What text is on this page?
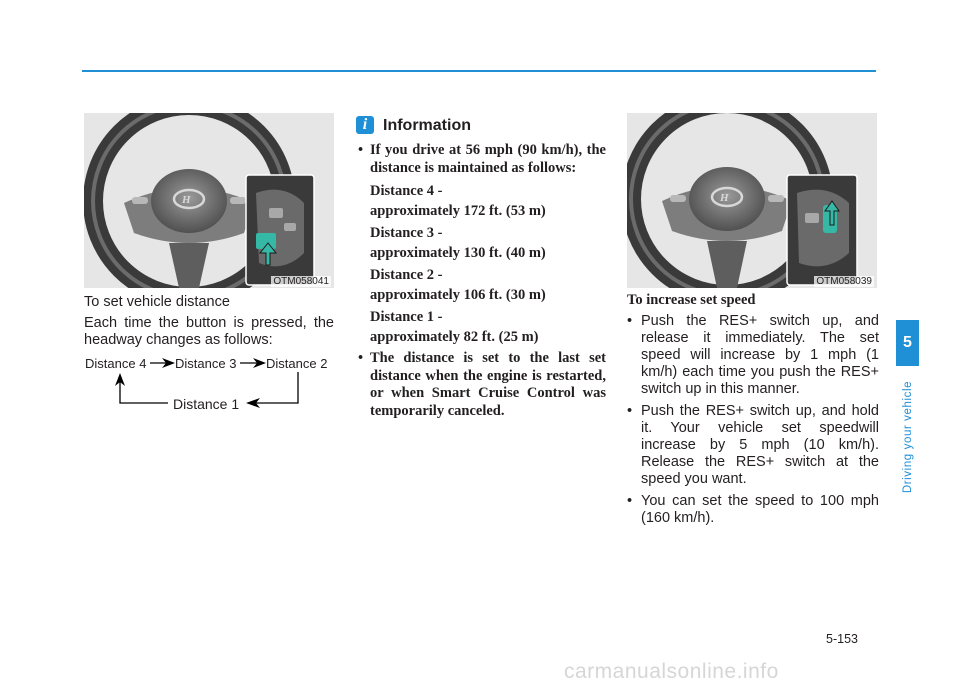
H
OTM058041

To set vehicle distance

Each time the button is pressed, the headway changes as follows:

Distance 4 Distance 3 Distance 2
Distance 1
i Information
• If you drive at 56 mph (90 km/h), the distance is maintained as follows:
Distance 4 -
approximately 172 ft. (53 m)
Distance 3 -
approximately 130 ft. (40 m)
Distance 2 -
approximately 106 ft. (30 m)
Distance 1 -
approximately 82 ft. (25 m)
• The distance is set to the last set distance when the engine is restarted, or when Smart Cruise Control was temporarily canceled.
H
OTM058039
To increase set speed
• Push the RES+ switch up, and release it immediately. The set speed will increase by 1 mph (1 km/h) each time you push the RES+ switch up in this manner.
• Push the RES+ switch up, and hold it. Your vehicle set speedwill increase by 5 mph (10 km/h). Release the RES+ switch at the speed you want.
• You can set the speed to 100 mph (160 km/h).
5
Driving your vehicle
5-153
carmanualsonline.info
